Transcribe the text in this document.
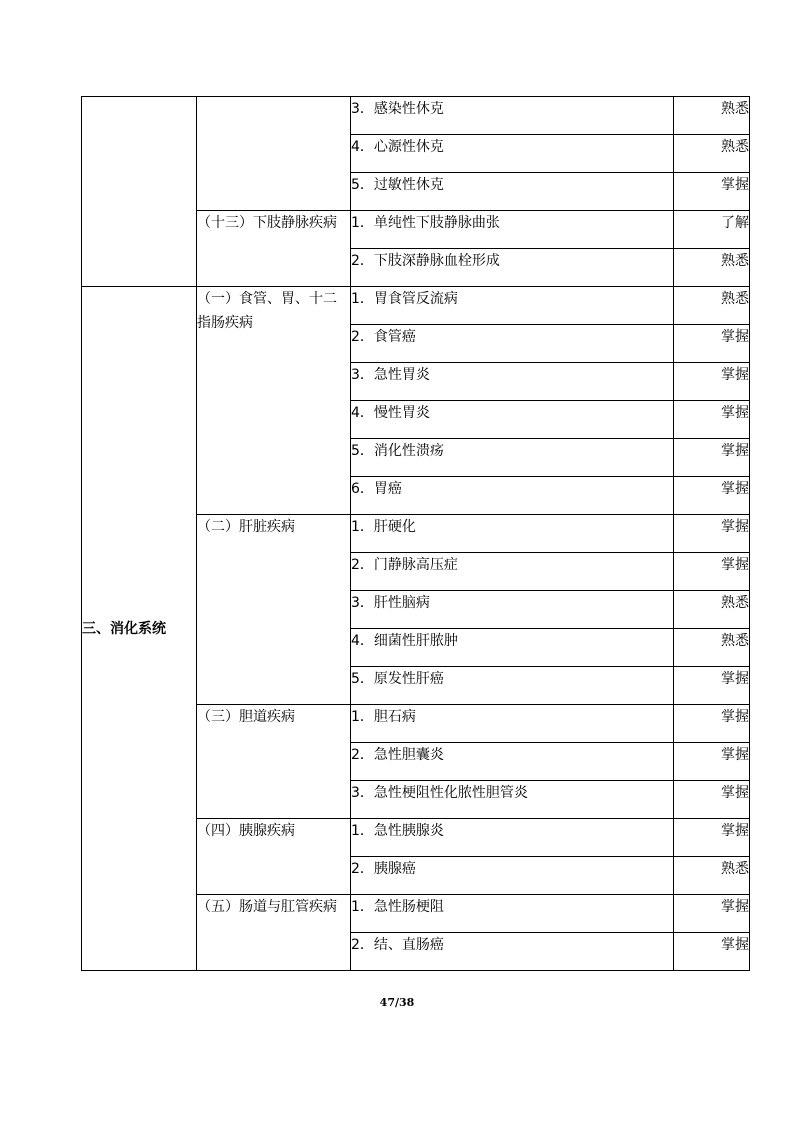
		3．感染性休克	熟悉

		4．心源性休克	熟悉

		5．过敏性休克	掌握
	（十三）下肢静脉疾病	1．单纯性下肢静脉曲张	了解

		2．下肢深静脉血栓形成	熟悉
三、消化系统	（一）食管、胃、十二指肠疾病	1．胃食管反流病	熟悉

		2．食管癌	掌握

		3．急性胃炎	掌握

		4．慢性胃炎	掌握

		5．消化性溃疡	掌握

		6．胃癌	掌握
	（二）肝脏疾病	1．肝硬化	掌握

		2．门静脉高压症	掌握

		3．肝性脑病	熟悉

		4．细菌性肝脓肿	熟悉

		5．原发性肝癌	掌握
	（三）胆道疾病	1．胆石病	掌握

		2．急性胆囊炎	掌握

		3．急性梗阻性化脓性胆管炎	掌握
	（四）胰腺疾病	1．急性胰腺炎	掌握

		2．胰腺癌	熟悉
	（五）肠道与肛管疾病	1．急性肠梗阻	掌握

		2．结、直肠癌	掌握
47/38
